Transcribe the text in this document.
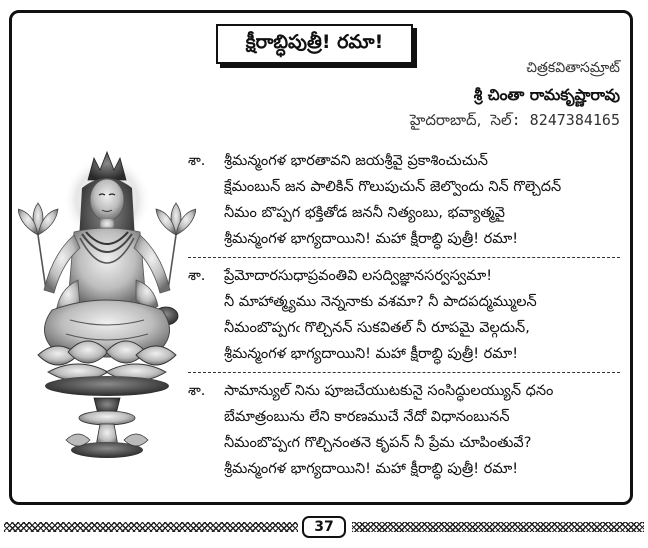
క్షీరాబ్ధిపుత్రీ! రమా!
చిత్రకవితాసమ్రాట్
శ్రీ చింతా రామకృష్ణారావు
హైదరాబాద్, సెల్: 8247384165
శా. శ్రీమన్మంగళ భారతావని జయశ్రీవై ప్రకాశించుచున్
క్షేమంబున్ జన పాలికిన్ గొలుపుచున్ జెల్వొందు నిన్ గొల్చెదన్
నీమం బొప్పగ భక్తితోడ జననీ నిత్యంబు, భవ్యాత్మవై
శ్రీమన్మంగళ భాగ్యదాయిని! మహా క్షీరాబ్ధి పుత్రీ! రమా!
శా. ప్రేమోదారసుధాప్రవంతివి లసద్విజ్ఞానసర్వస్వమా!
నీ మాహాత్మ్యము నెన్ననాకు వశమా? నీ పాదపద్మమ్ములన్
నీమంబొప్పగఁ గొల్చినన్ సుకవితల్ నీ రూపమై వెల్గదున్,
శ్రీమన్మంగళ భాగ్యదాయిని! మహా క్షీరాబ్ధి పుత్రీ! రమా!
శా. సామాన్యుల్ నిను పూజచేయుటకునై సంసిద్ధులయ్యున్ ధనం
బేమాత్రంబును లేని కారణముచే నేదో విధానంబునన్
నీమంబొప్పఁగ గొల్చినంతనె కృపన్ నీ ప్రేమ చూపింతువే?
శ్రీమన్మంగళ భాగ్యదాయిని! మహా క్షీరాబ్ధి పుత్రీ! రమా!
37
